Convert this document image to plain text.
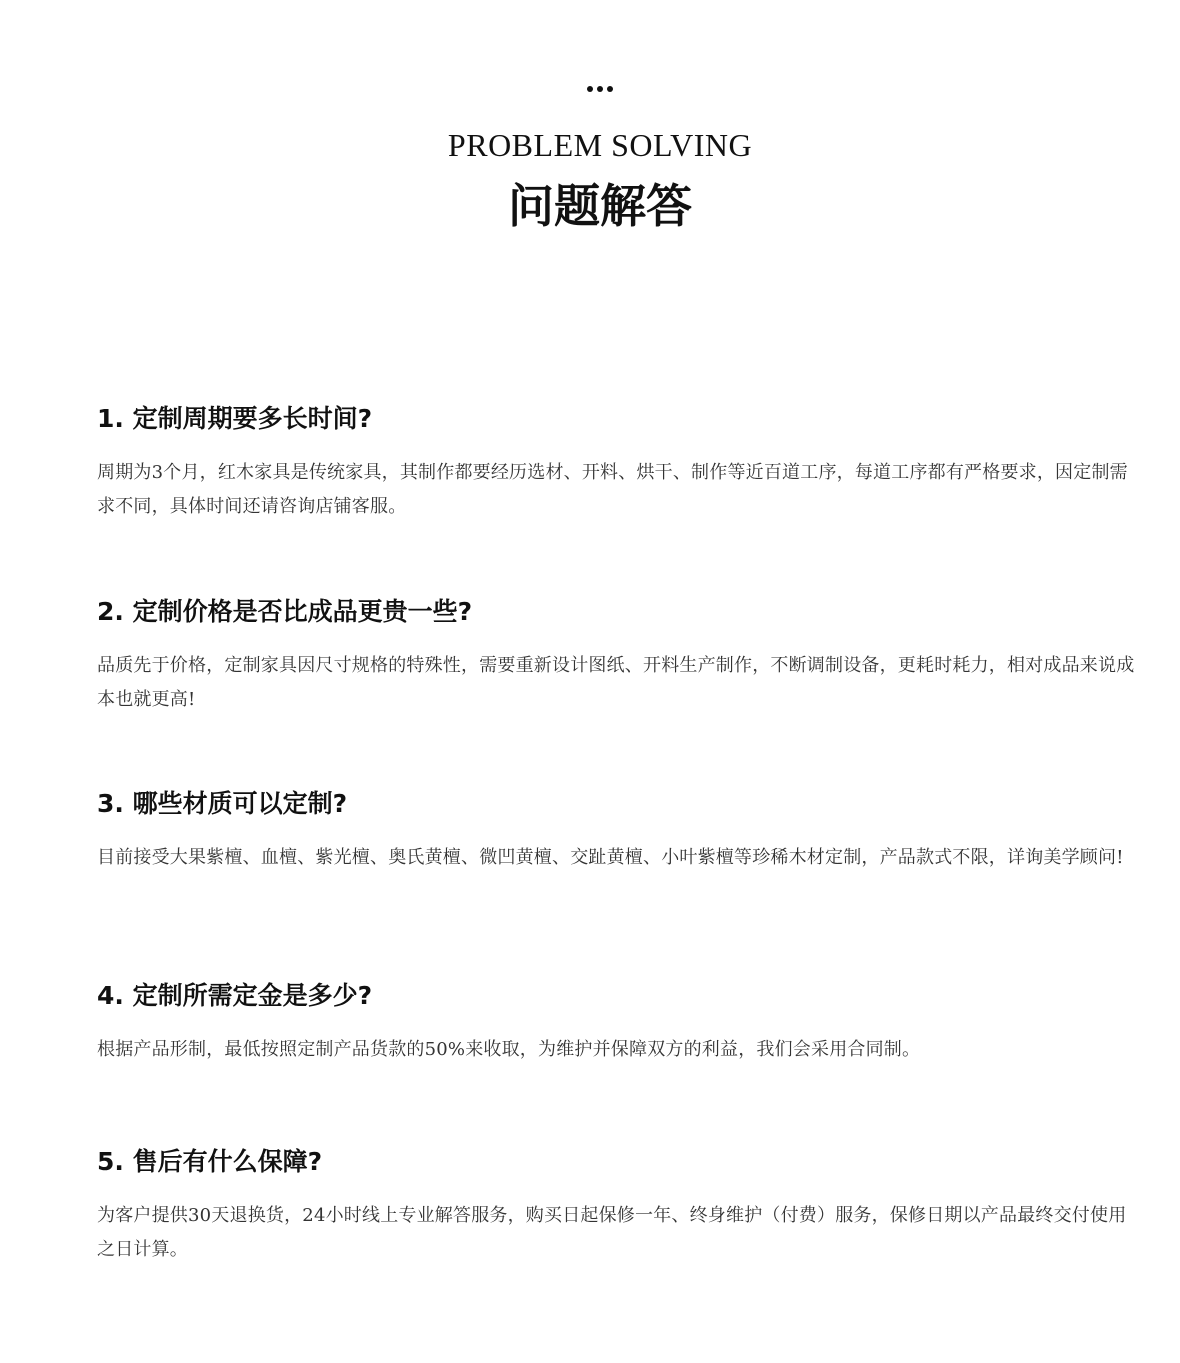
PROBLEM SOLVING
问题解答
1. 定制周期要多长时间?
周期为3个月，红木家具是传统家具，其制作都要经历选材、开料、烘干、制作等近百道工序，每道工序都有严格要求，因定制需求不同，具体时间还请咨询店铺客服。
2. 定制价格是否比成品更贵一些?
品质先于价格，定制家具因尺寸规格的特殊性，需要重新设计图纸、开料生产制作，不断调制设备，更耗时耗力，相对成品来说成本也就更高!
3. 哪些材质可以定制?
目前接受大果紫檀、血檀、紫光檀、奥氏黄檀、微凹黄檀、交趾黄檀、小叶紫檀等珍稀木材定制，产品款式不限，详询美学顾问!
4. 定制所需定金是多少?
根据产品形制，最低按照定制产品货款的50%来收取，为维护并保障双方的利益，我们会采用合同制。
5. 售后有什么保障?
为客户提供30天退换货，24小时线上专业解答服务，购买日起保修一年、终身维护（付费）服务，保修日期以产品最终交付使用之日计算。
